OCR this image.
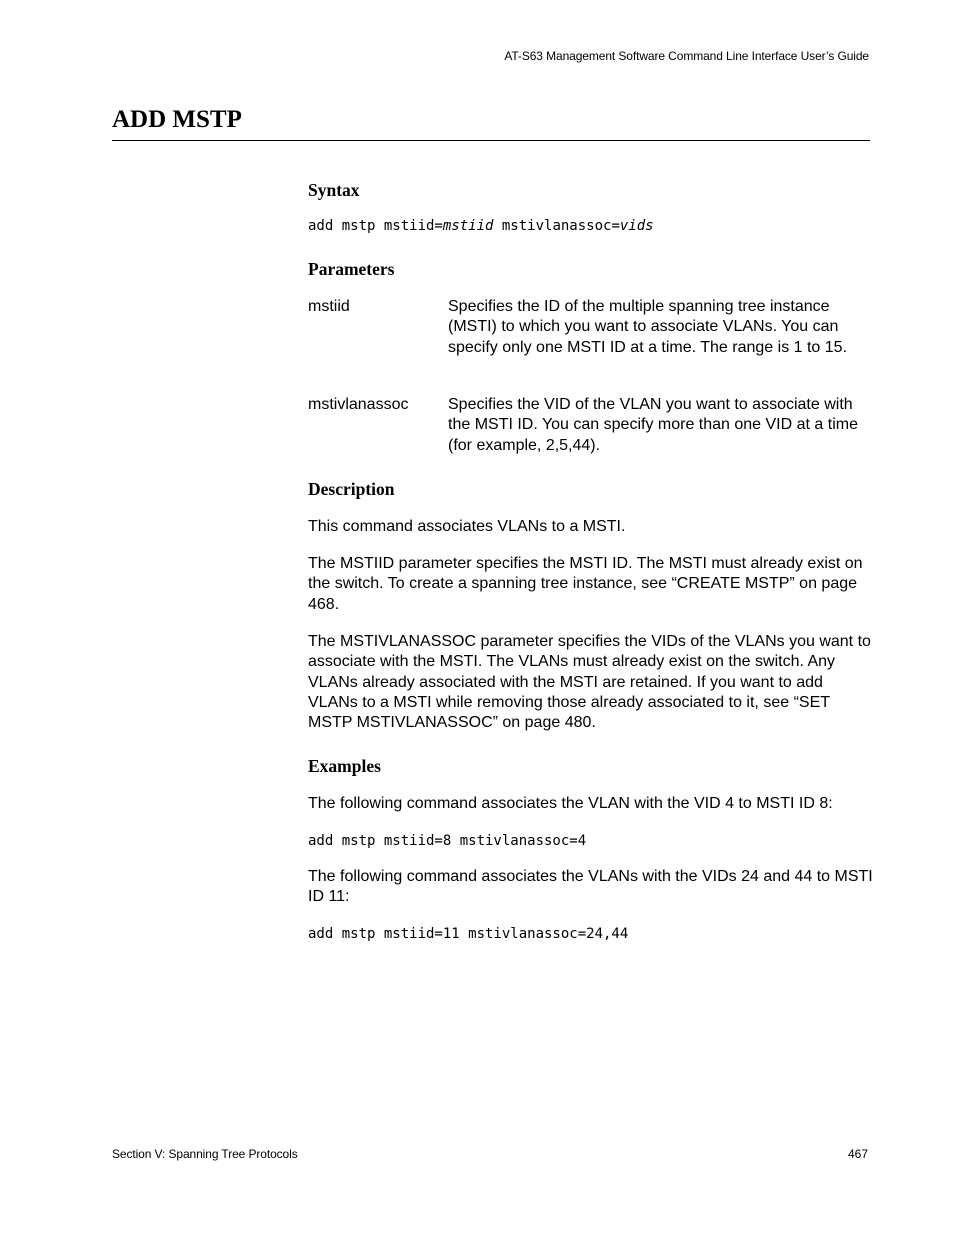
AT-S63 Management Software Command Line Interface User’s Guide
ADD MSTP
Syntax
add mstp mstiid=mstiid mstivlanassoc=vids
Parameters
mstiid	Specifies the ID of the multiple spanning tree instance (MSTI) to which you want to associate VLANs. You can specify only one MSTI ID at a time. The range is 1 to 15.
mstivlanassoc Specifies the VID of the VLAN you want to associate with the MSTI ID. You can specify more than one VID at a time (for example, 2,5,44).
Description

This command associates VLANs to a MSTI.

The MSTIID parameter specifies the MSTI ID. The MSTI must already exist on the switch. To create a spanning tree instance, see “CREATE MSTP” on page 468.

The MSTIVLANASSOC parameter specifies the VIDs of the VLANs you want to associate with the MSTI. The VLANs must already exist on the switch. Any VLANs already associated with the MSTI are retained. If you want to add VLANs to a MSTI while removing those already associated to it, see “SET MSTP MSTIVLANASSOC” on page 480.

Examples

The following command associates the VLAN with the VID 4 to MSTI ID 8:

add mstp mstiid=8 mstivlanassoc=4

The following command associates the VLANs with the VIDs 24 and 44 to MSTI ID 11:

add mstp mstiid=11 mstivlanassoc=24,44
Section V: Spanning Tree Protocols	467
